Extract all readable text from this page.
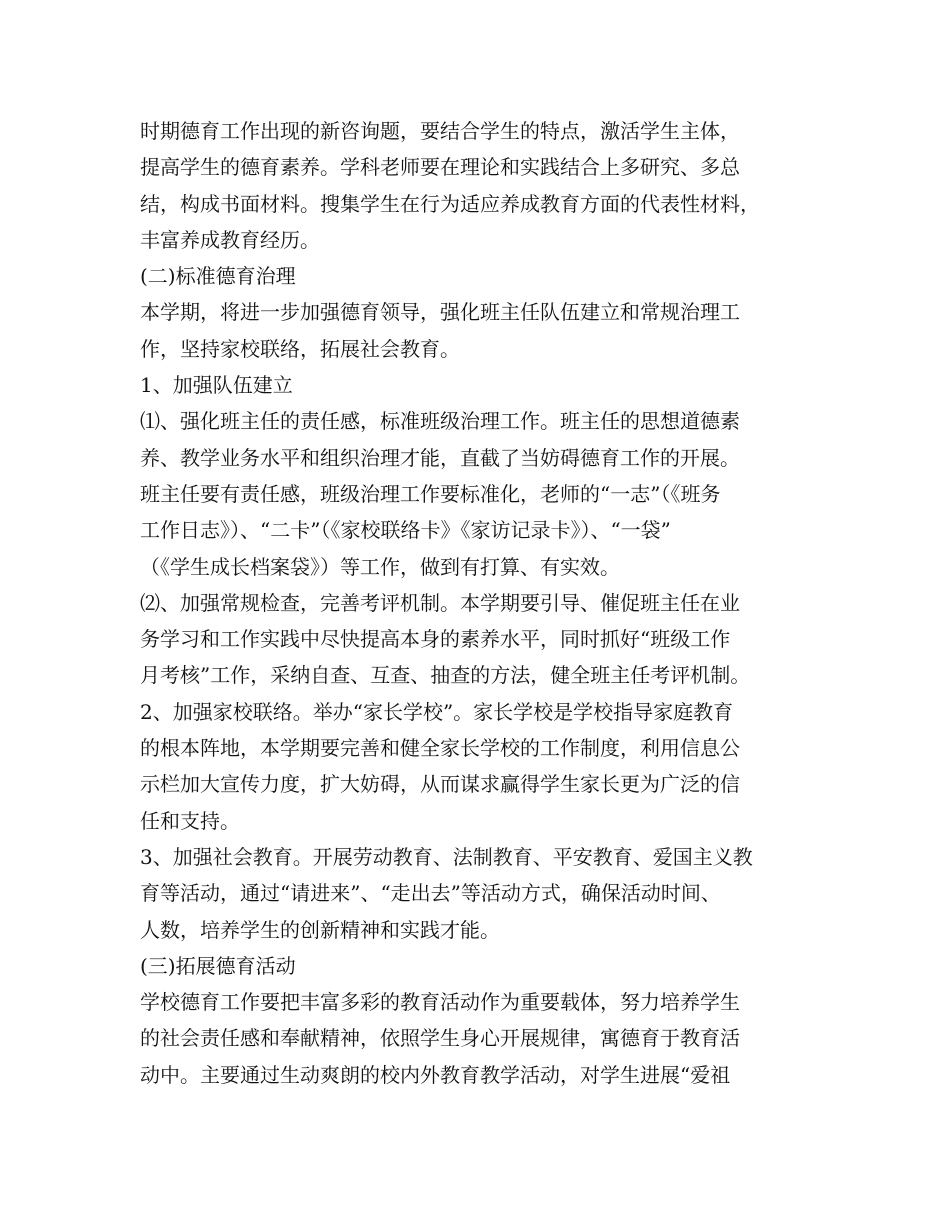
时期德育工作出现的新咨询题，要结合学生的特点，激活学生主体，
提高学生的德育素养。学科老师要在理论和实践结合上多研究、多总
结，构成书面材料。搜集学生在行为适应养成教育方面的代表性材料，
丰富养成教育经历。
(二)标准德育治理
本学期，将进一步加强德育领导，强化班主任队伍建立和常规治理工
作，坚持家校联络，拓展社会教育。
1、加强队伍建立
⑴、强化班主任的责任感，标准班级治理工作。班主任的思想道德素
养、教学业务水平和组织治理才能，直截了当妨碍德育工作的开展。
班主任要有责任感，班级治理工作要标准化，老师的“一志”（《班务
工作日志》）、“二卡”（《家校联络卡》《家访记录卡》）、“一袋”
（《学生成长档案袋》）等工作，做到有打算、有实效。
⑵、加强常规检查，完善考评机制。本学期要引导、催促班主任在业
务学习和工作实践中尽快提高本身的素养水平，同时抓好“班级工作
月考核”工作，采纳自查、互查、抽查的方法，健全班主任考评机制。
2、加强家校联络。举办“家长学校”。家长学校是学校指导家庭教育
的根本阵地，本学期要完善和健全家长学校的工作制度，利用信息公
示栏加大宣传力度，扩大妨碍，从而谋求赢得学生家长更为广泛的信
任和支持。
3、加强社会教育。开展劳动教育、法制教育、平安教育、爱国主义教
育等活动，通过“请进来”、“走出去”等活动方式，确保活动时间、
人数，培养学生的创新精神和实践才能。
(三)拓展德育活动
学校德育工作要把丰富多彩的教育活动作为重要载体，努力培养学生
的社会责任感和奉献精神，依照学生身心开展规律，寓德育于教育活
动中。主要通过生动爽朗的校内外教育教学活动，对学生进展“爱祖
